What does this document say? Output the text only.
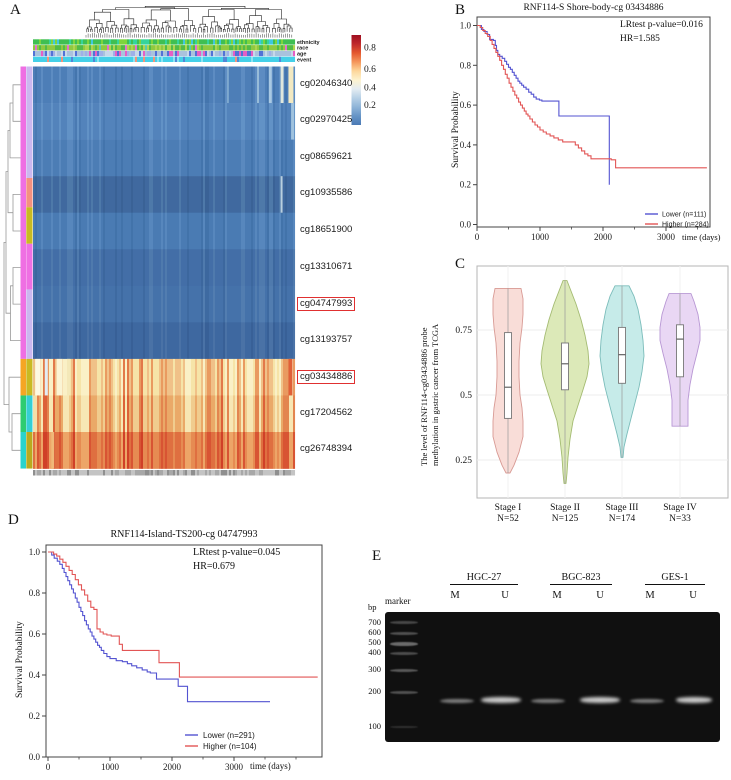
A	B
C
D
E
ethnicity
race
age
event
0.8
0.6
0.4
0.2
cg02046340
cg02970425
cg08659621
cg10935586
cg18651900
cg13310671
cg04747993
cg13193757
cg03434886
cg17204562
cg26748394
RNF114-S Shore-body-cg 03434886
LRtest p-value=0.016
HR=1.585
Survival Probability
time (days)
1.0
0.8
0.6
0.4
0.2
0.0
0	1000	2000	3000
Lower (n=111)
Higher (n=284)
The level of RNF114-cg03434886 probe methylation in gastric cancer from TCGA 0.75
0.5
0.25
Stage I
N=52
Stage II
N=125
Stage III
N=174
Stage IV
N=33
RNF114-Island-TS200-cg 04747993
LRtest p-value=0.045
HR=0.679
Survival Probability
time (days)
1.0
0.8
0.6
0.4
0.2
0.0
0	1000	2000	3000
Lower (n=291)
Higher (n=104)
HGC-27	BGC-823	GES-1
M	U	M	U	M	U
marker
bp
700
600
500
400
300
200
100
